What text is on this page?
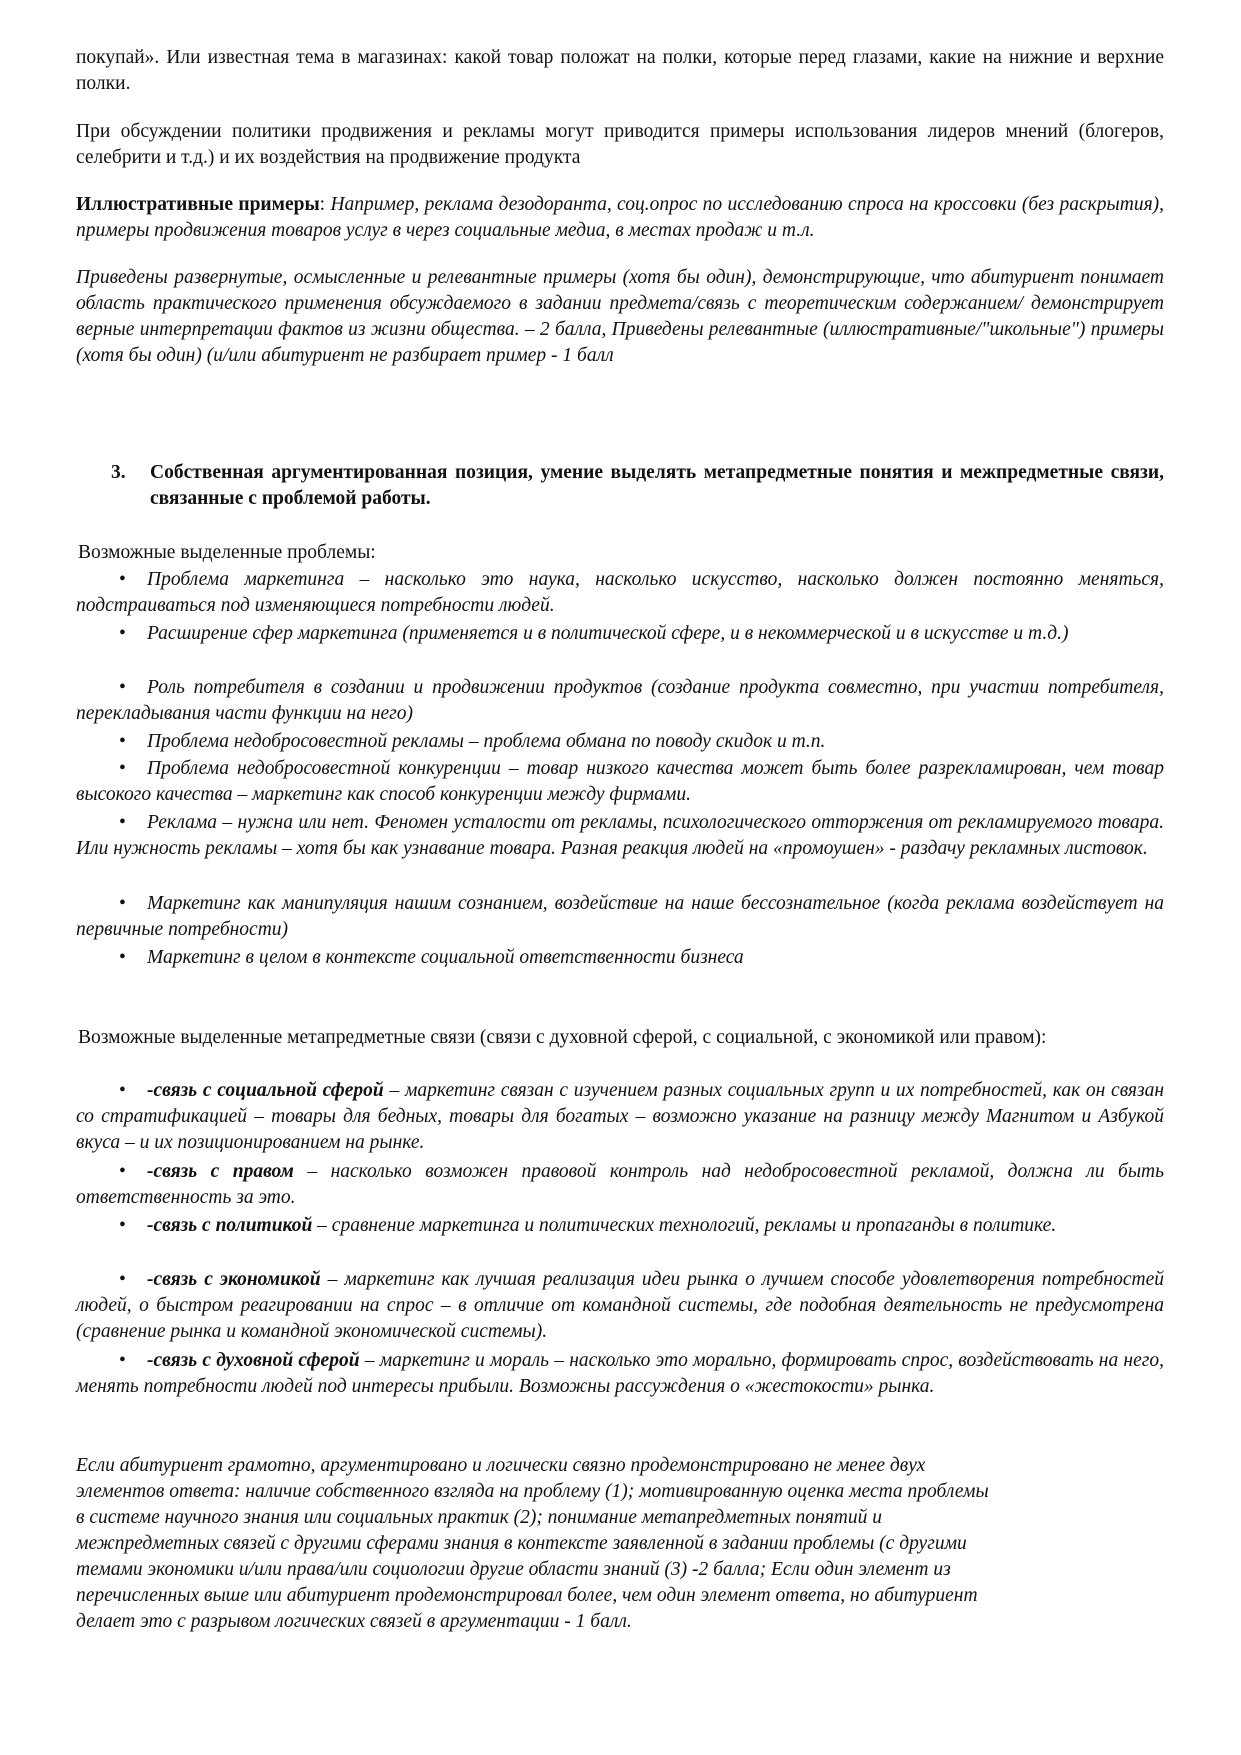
покупай». Или известная тема в магазинах: какой товар положат на полки, которые перед глазами, какие на нижние и верхние полки.

При обсуждении политики продвижения и рекламы могут приводится примеры использования лидеров мнений (блогеров, селебрити и т.д.) и их воздействия на продвижение продукта

Иллюстративные примеры: Например, реклама дезодоранта, соц.опрос по исследованию спроса на кроссовки (без раскрытия), примеры продвижения товаров услуг в через социальные медиа, в местах продаж и т.л.

Приведены развернутые, осмысленные и релевантные примеры (хотя бы один), демонстрирующие, что абитуриент понимает область практического применения обсуждаемого в задании предмета/связь с теоретическим содержанием/ демонстрирует верные интерпретации фактов из жизни общества. – 2 балла, Приведены релевантные (иллюстративные/"школьные") примеры (хотя бы один) (и/или абитуриент не разбирает пример - 1 балл

3. Собственная аргументированная позиция, умение выделять метапредметные понятия и межпредметные связи, связанные с проблемой работы.

Возможные выделенные проблемы:

• Проблема маркетинга – насколько это наука, насколько искусство, насколько должен постоянно меняться, подстраиваться под изменяющиеся потребности людей.

• Расширение сфер маркетинга (применяется и в политической сфере, и в некоммерческой и в искусстве и т.д.)

• Роль потребителя в создании и продвижении продуктов (создание продукта совместно, при участии потребителя, перекладывания части функции на него)

• Проблема недобросовестной рекламы – проблема обмана по поводу скидок и т.п.

• Проблема недобросовестной конкуренции – товар низкого качества может быть более разрекламирован, чем товар высокого качества – маркетинг как способ конкуренции между фирмами.

• Реклама – нужна или нет. Феномен усталости от рекламы, психологического отторжения от рекламируемого товара. Или нужность рекламы – хотя бы как узнавание товара. Разная реакция людей на «промоушен» - раздачу рекламных листовок.

• Маркетинг как манипуляция нашим сознанием, воздействие на наше бессознательное (когда реклама воздействует на первичные потребности)

• Маркетинг в целом в контексте социальной ответственности бизнеса

Возможные выделенные метапредметные связи (связи с духовной сферой, с социальной, с экономикой или правом):

• -связь с социальной сферой – маркетинг связан с изучением разных социальных групп и их потребностей, как он связан со стратификацией – товары для бедных, товары для богатых – возможно указание на разницу между Магнитом и Азбукой вкуса – и их позиционированием на рынке.

• -связь с правом – насколько возможен правовой контроль над недобросовестной рекламой, должна ли быть ответственность за это.

• -связь с политикой – сравнение маркетинга и политических технологий, рекламы и пропаганды в политике.

• -связь с экономикой – маркетинг как лучшая реализация идеи рынка о лучшем способе удовлетворения потребностей людей, о быстром реагировании на спрос – в отличие от командной системы, где подобная деятельность не предусмотрена (сравнение рынка и командной экономической системы).

• -связь с духовной сферой – маркетинг и мораль – насколько это морально, формировать спрос, воздействовать на него, менять потребности людей под интересы прибыли. Возможны рассуждения о «жестокости» рынка.

Если абитуриент грамотно, аргументировано и логически связно продемонстрировано не менее двух
элементов ответа: наличие собственного взгляда на проблему (1); мотивированную оценка места проблемы
в системе научного знания или социальных практик (2); понимание метапредметных понятий и
межпредметных связей с другими сферами знания в контексте заявленной в задании проблемы (с другими
темами экономики и/или права/или социологии другие области знаний (3) -2 балла; Если один элемент из
перечисленных выше или абитуриент продемонстрировал более, чем один элемент ответа, но абитуриент
делает это с разрывом логических связей в аргументации - 1 балл.
